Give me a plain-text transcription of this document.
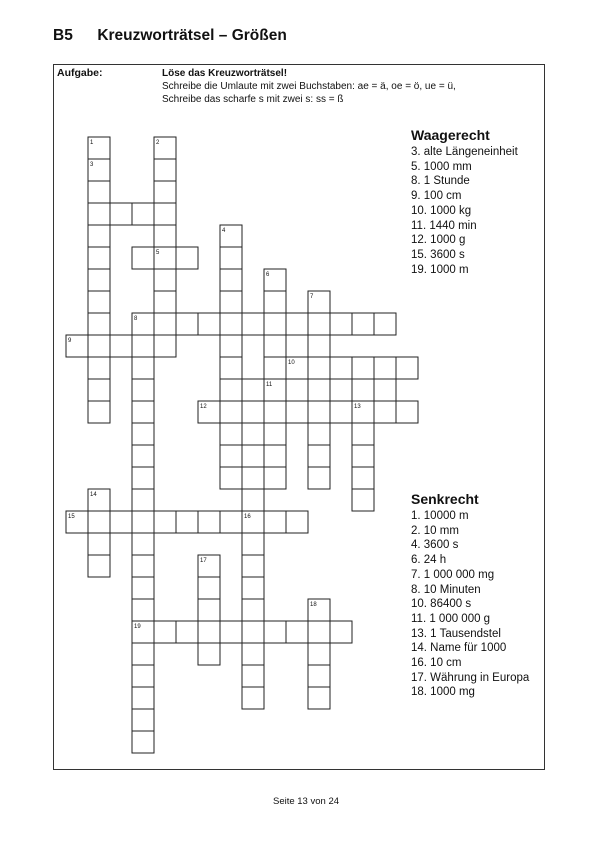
B5 Kreuzworträtsel – Größen
Aufgabe:	Löse das Kreuzworträtsel!
Schreibe die Umlaute mit zwei Buchstaben: ae = ä, oe = ö, ue = ü,
Schreibe das scharfe s mit zwei s: ss = ß
1	2
3
4
5
6
7
8
9
10
11
12	13
14
15	16
17
18
19
Waagerecht
3. alte Längeneinheit
5. 1000 mm
8. 1 Stunde
9. 100 cm
10. 1000 kg
11. 1440 min
12. 1000 g
15. 3600 s
19. 1000 m
Senkrecht
1. 10000 m
2. 10 mm
4. 3600 s
6. 24 h
7. 1 000 000 mg
8. 10 Minuten
10. 86400 s
11. 1 000 000 g
13. 1 Tausendstel
14. Name für 1000
16. 10 cm
17. Währung in Europa
18. 1000 mg
Seite 13 von 24
